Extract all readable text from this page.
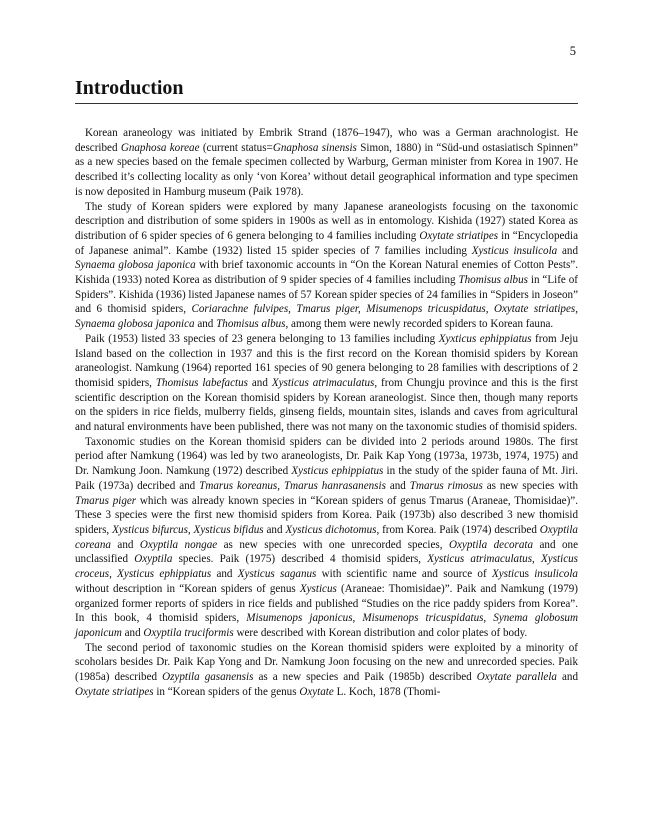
5
Introduction

Korean araneology was initiated by Embrik Strand (1876–1947), who was a German arachnologist. He described Gnaphosa koreae (current status=Gnaphosa sinensis Simon, 1880) in “Süd-und ostasiatisch Spinnen” as a new species based on the female specimen collected by Warburg, German minister from Korea in 1907. He described it’s collecting locality as only ‘von Korea’ without detail geographical information and type specimen is now deposited in Hamburg museum (Paik 1978).

The study of Korean spiders were explored by many Japanese araneologists focusing on the taxonomic description and distribution of some spiders in 1900s as well as in entomology. Kishida (1927) stated Korea as distribution of 6 spider species of 6 genera belonging to 4 families including Oxytate striatipes in “Encyclopedia of Japanese animal”. Kambe (1932) listed 15 spider species of 7 families including Xysticus insulicola and Synaema globosa japonica with brief taxonomic accounts in “On the Korean Natural enemies of Cotton Pests”. Kishida (1933) noted Korea as distribution of 9 spider species of 4 families including Thomisus albus in “Life of Spiders”. Kishida (1936) listed Japanese names of 57 Korean spider species of 24 families in “Spiders in Joseon” and 6 thomisid spiders, Coriarachne fulvipes, Tmarus piger, Misumenops tricuspidatus, Oxytate striatipes, Synaema globosa japonica and Thomisus albus, among them were newly recorded spiders to Korean fauna.

Paik (1953) listed 33 species of 23 genera belonging to 13 families including Xyxticus ephippiatus from Jeju Island based on the collection in 1937 and this is the first record on the Korean thomisid spiders by Korean araneologist. Namkung (1964) reported 161 species of 90 genera belonging to 28 families with descriptions of 2 thomisid spiders, Thomisus labefactus and Xysticus atrimaculatus, from Chungju province and this is the first scientific description on the Korean thomisid spiders by Korean araneologist. Since then, though many reports on the spiders in rice fields, mulberry fields, ginseng fields, mountain sites, islands and caves from agricultural and natural environments have been published, there was not many on the taxonomic studies of thomisid spiders.

Taxonomic studies on the Korean thomisid spiders can be divided into 2 periods around 1980s. The first period after Namkung (1964) was led by two araneologists, Dr. Paik Kap Yong (1973a, 1973b, 1974, 1975) and Dr. Namkung Joon. Namkung (1972) described Xysticus ephippiatus in the study of the spider fauna of Mt. Jiri. Paik (1973a) decribed and Tmarus koreanus, Tmarus hanrasanensis and Tmarus rimosus as new species with Tmarus piger which was already known species in “Korean spiders of genus Tmarus (Araneae, Thomisidae)”. These 3 species were the first new thomisid spiders from Korea. Paik (1973b) also described 3 new thomisid spiders, Xysticus bifurcus, Xysticus bifidus and Xysticus dichotomus, from Korea. Paik (1974) described Oxyptila coreana and Oxyptila nongae as new species with one unrecorded species, Oxyptila decorata and one unclassified Oxyptila species. Paik (1975) described 4 thomisid spiders, Xysticus atrimaculatus, Xysticus croceus, Xysticus ephippiatus and Xysticus saganus with scientific name and source of Xysticus insulicola without description in “Korean spiders of genus Xysticus (Araneae: Thomisidae)”. Paik and Namkung (1979) organized former reports of spiders in rice fields and published “Studies on the rice paddy spiders from Korea”. In this book, 4 thomisid spiders, Misumenops japonicus, Misumenops tricuspidatus, Synema globosum japonicum and Oxyptila truciformis were described with Korean distribution and color plates of body.

The second period of taxonomic studies on the Korean thomisid spiders were exploited by a minority of scoholars besides Dr. Paik Kap Yong and Dr. Namkung Joon focusing on the new and unrecorded species. Paik (1985a) described Ozyptila gasanensis as a new species and Paik (1985b) described Oxytate parallela and Oxytate striatipes in “Korean spiders of the genus Oxytate L. Koch, 1878 (Thomi-
